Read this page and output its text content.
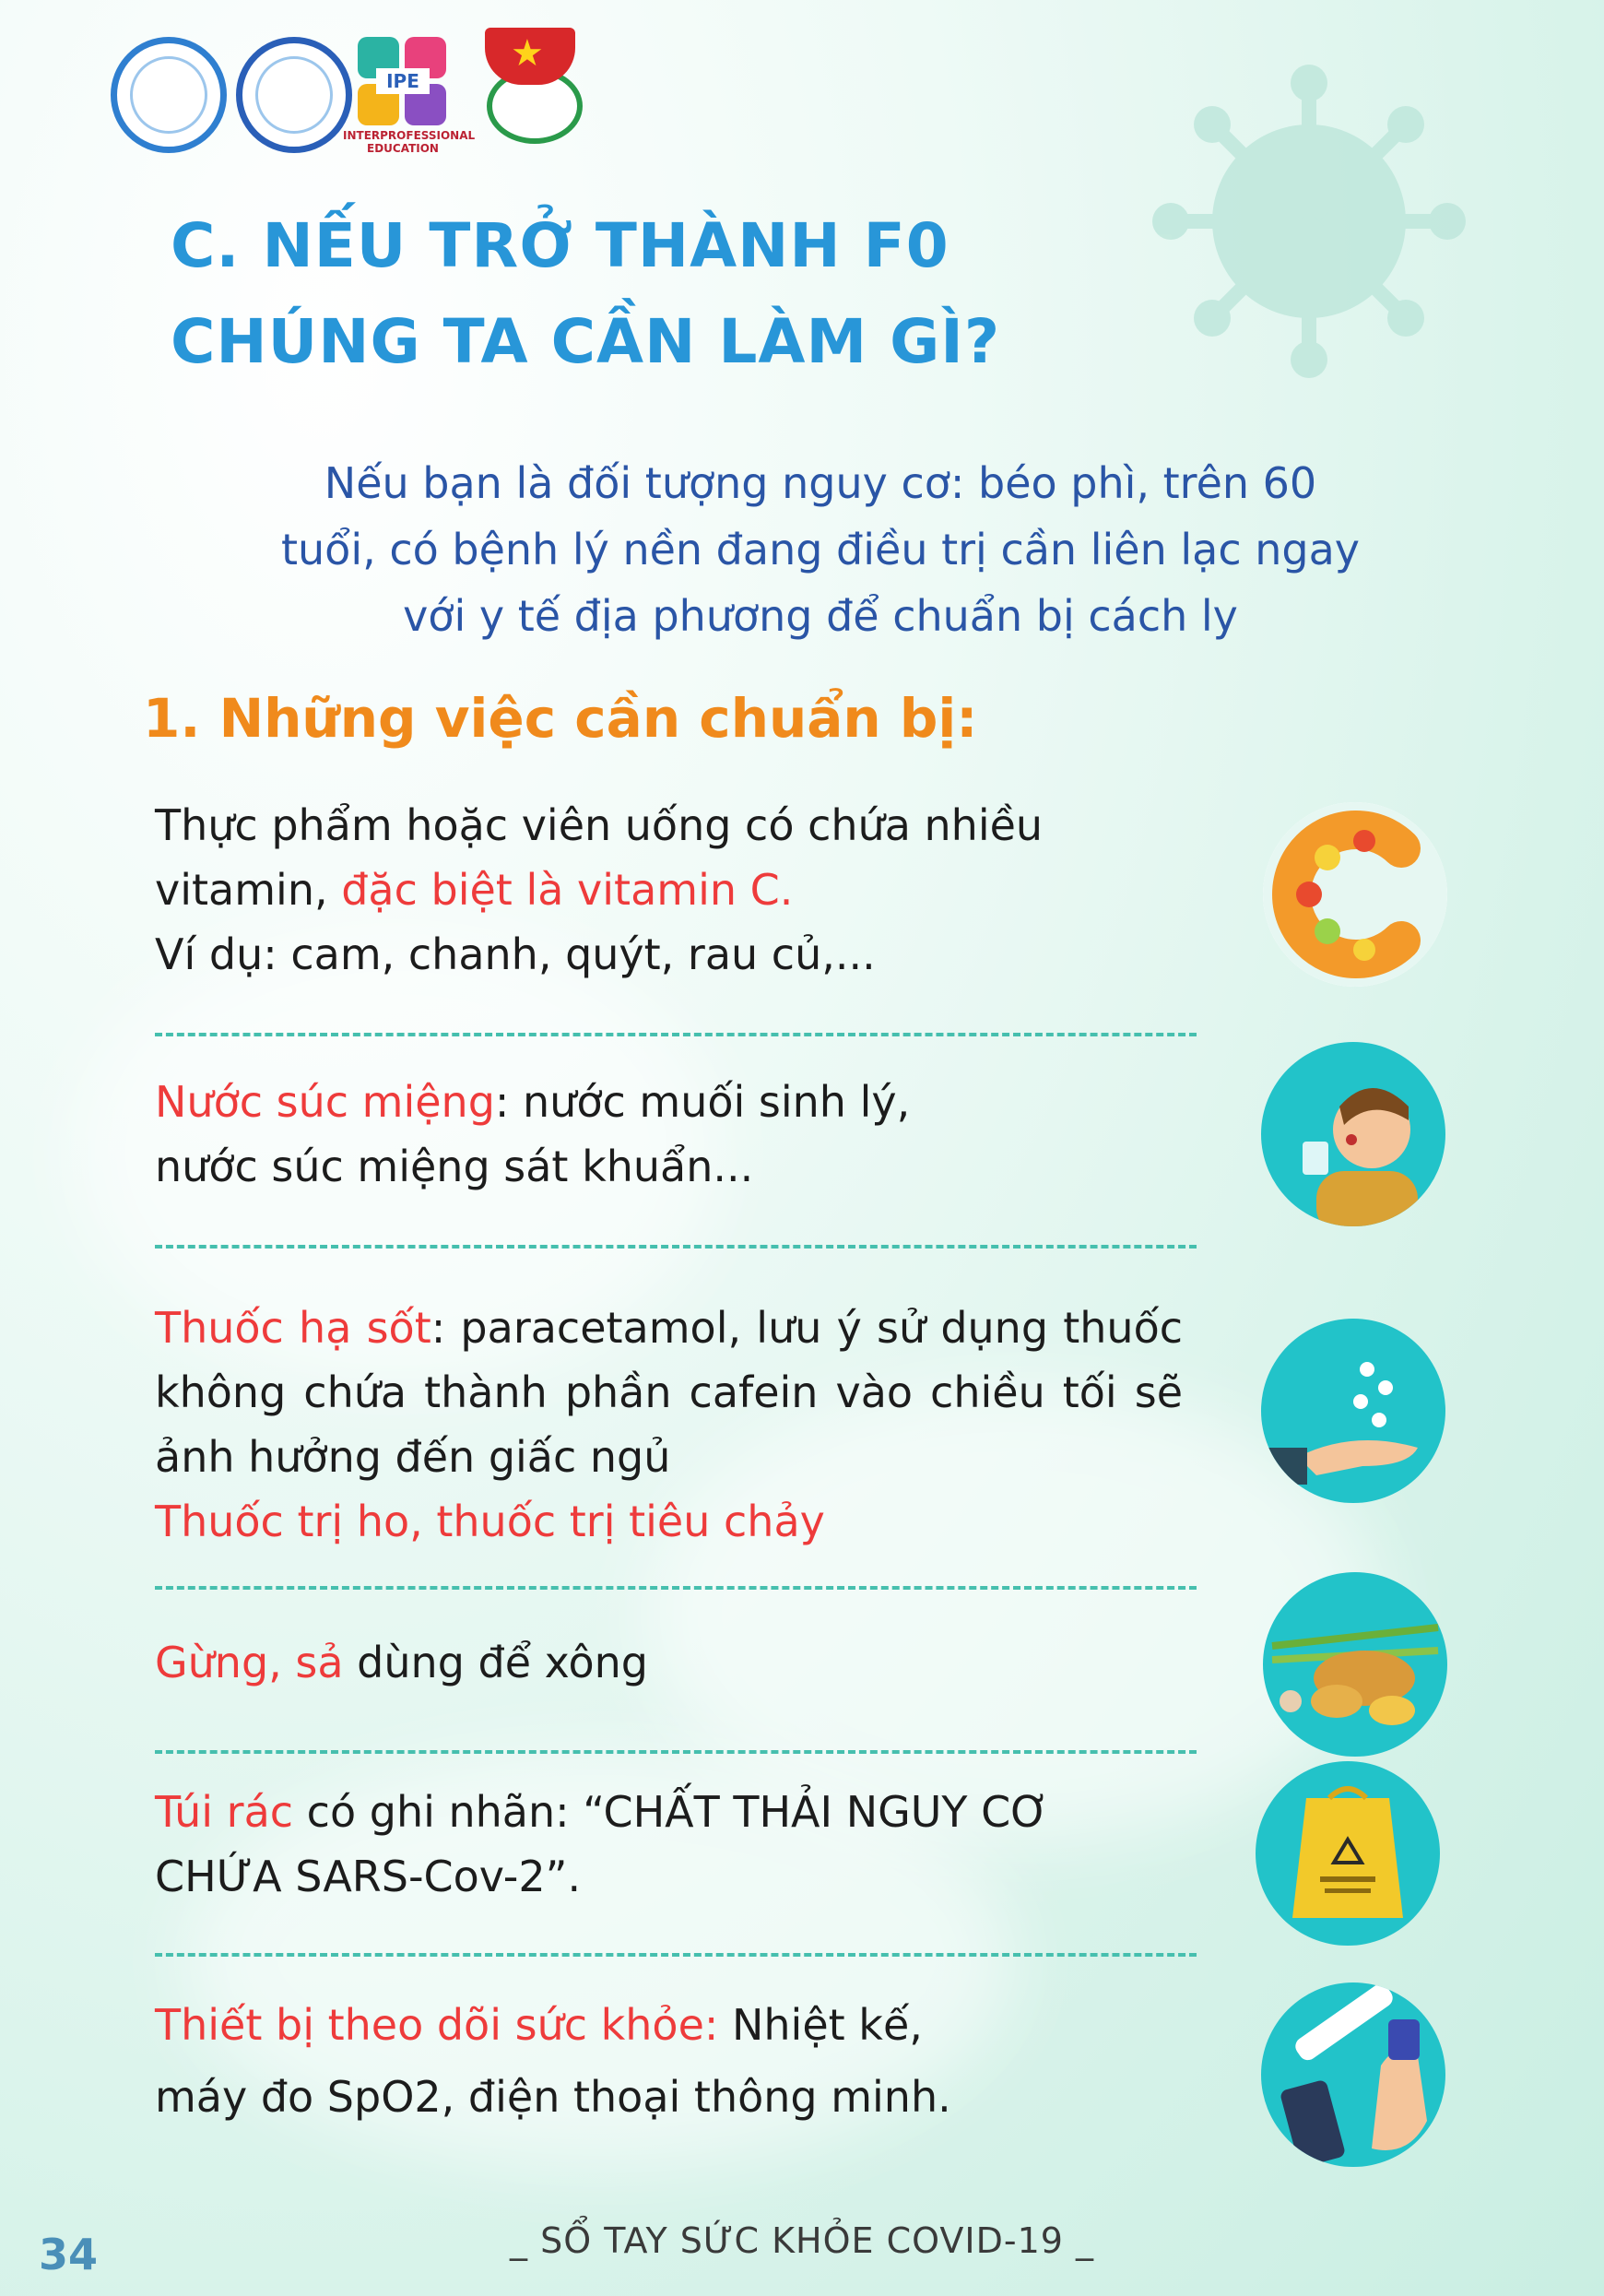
IPE
INTERPROFESSIONAL EDUCATION
★
C. NẾU TRỞ THÀNH F0
CHÚNG TA CẦN LÀM GÌ?

Nếu bạn là đối tượng nguy cơ: béo phì, trên 60
tuổi, có bệnh lý nền đang điều trị cần liên lạc ngay
với y tế địa phương để chuẩn bị cách ly

1. Những việc cần chuẩn bị:

Thực phẩm hoặc viên uống có chứa nhiều
vitamin, đặc biệt là vitamin C.
Ví dụ: cam, chanh, quýt, rau củ,...

Nước súc miệng: nước muối sinh lý,
nước súc miệng sát khuẩn...

Thuốc hạ sốt: paracetamol, lưu ý sử dụng thuốc không chứa thành phần cafein vào chiều tối sẽ ảnh hưởng đến giấc ngủ
Thuốc trị ho, thuốc trị tiêu chảy

Gừng, sả dùng để xông

Túi rác có ghi nhãn: “CHẤT THẢI NGUY CƠ CHỨA SARS-Cov-2”.

Thiết bị theo dõi sức khỏe: Nhiệt kế,
máy đo SpO2, điện thoại thông minh.

34	_ SỔ TAY SỨC KHỎE COVID-19 _
